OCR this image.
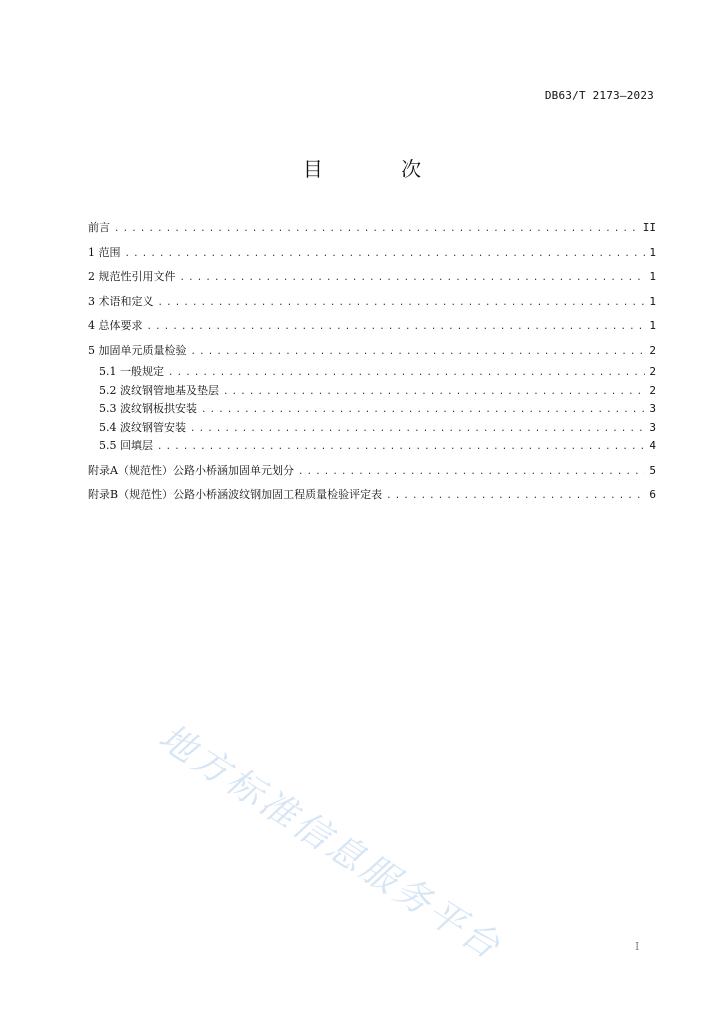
DB63/T 2173—2023
目 次
前言 .....	II
1 范围 .....	1
2 规范性引用文件 .....	1
3 术语和定义 .....	1
4 总体要求 .....	1
5 加固单元质量检验 .....	2
5.1 一般规定 .....	2
5.2 波纹钢管地基及垫层 .....	2
5.3 波纹钢板拱安装 .....	3
5.4 波纹钢管安装 .....	3
5.5 回填层 .....	4
附录A（规范性）公路小桥涵加固单元划分 .....	5
附录B（规范性）公路小桥涵波纹钢加固工程质量检验评定表 .....	6
地方标准信息服务平台	I
